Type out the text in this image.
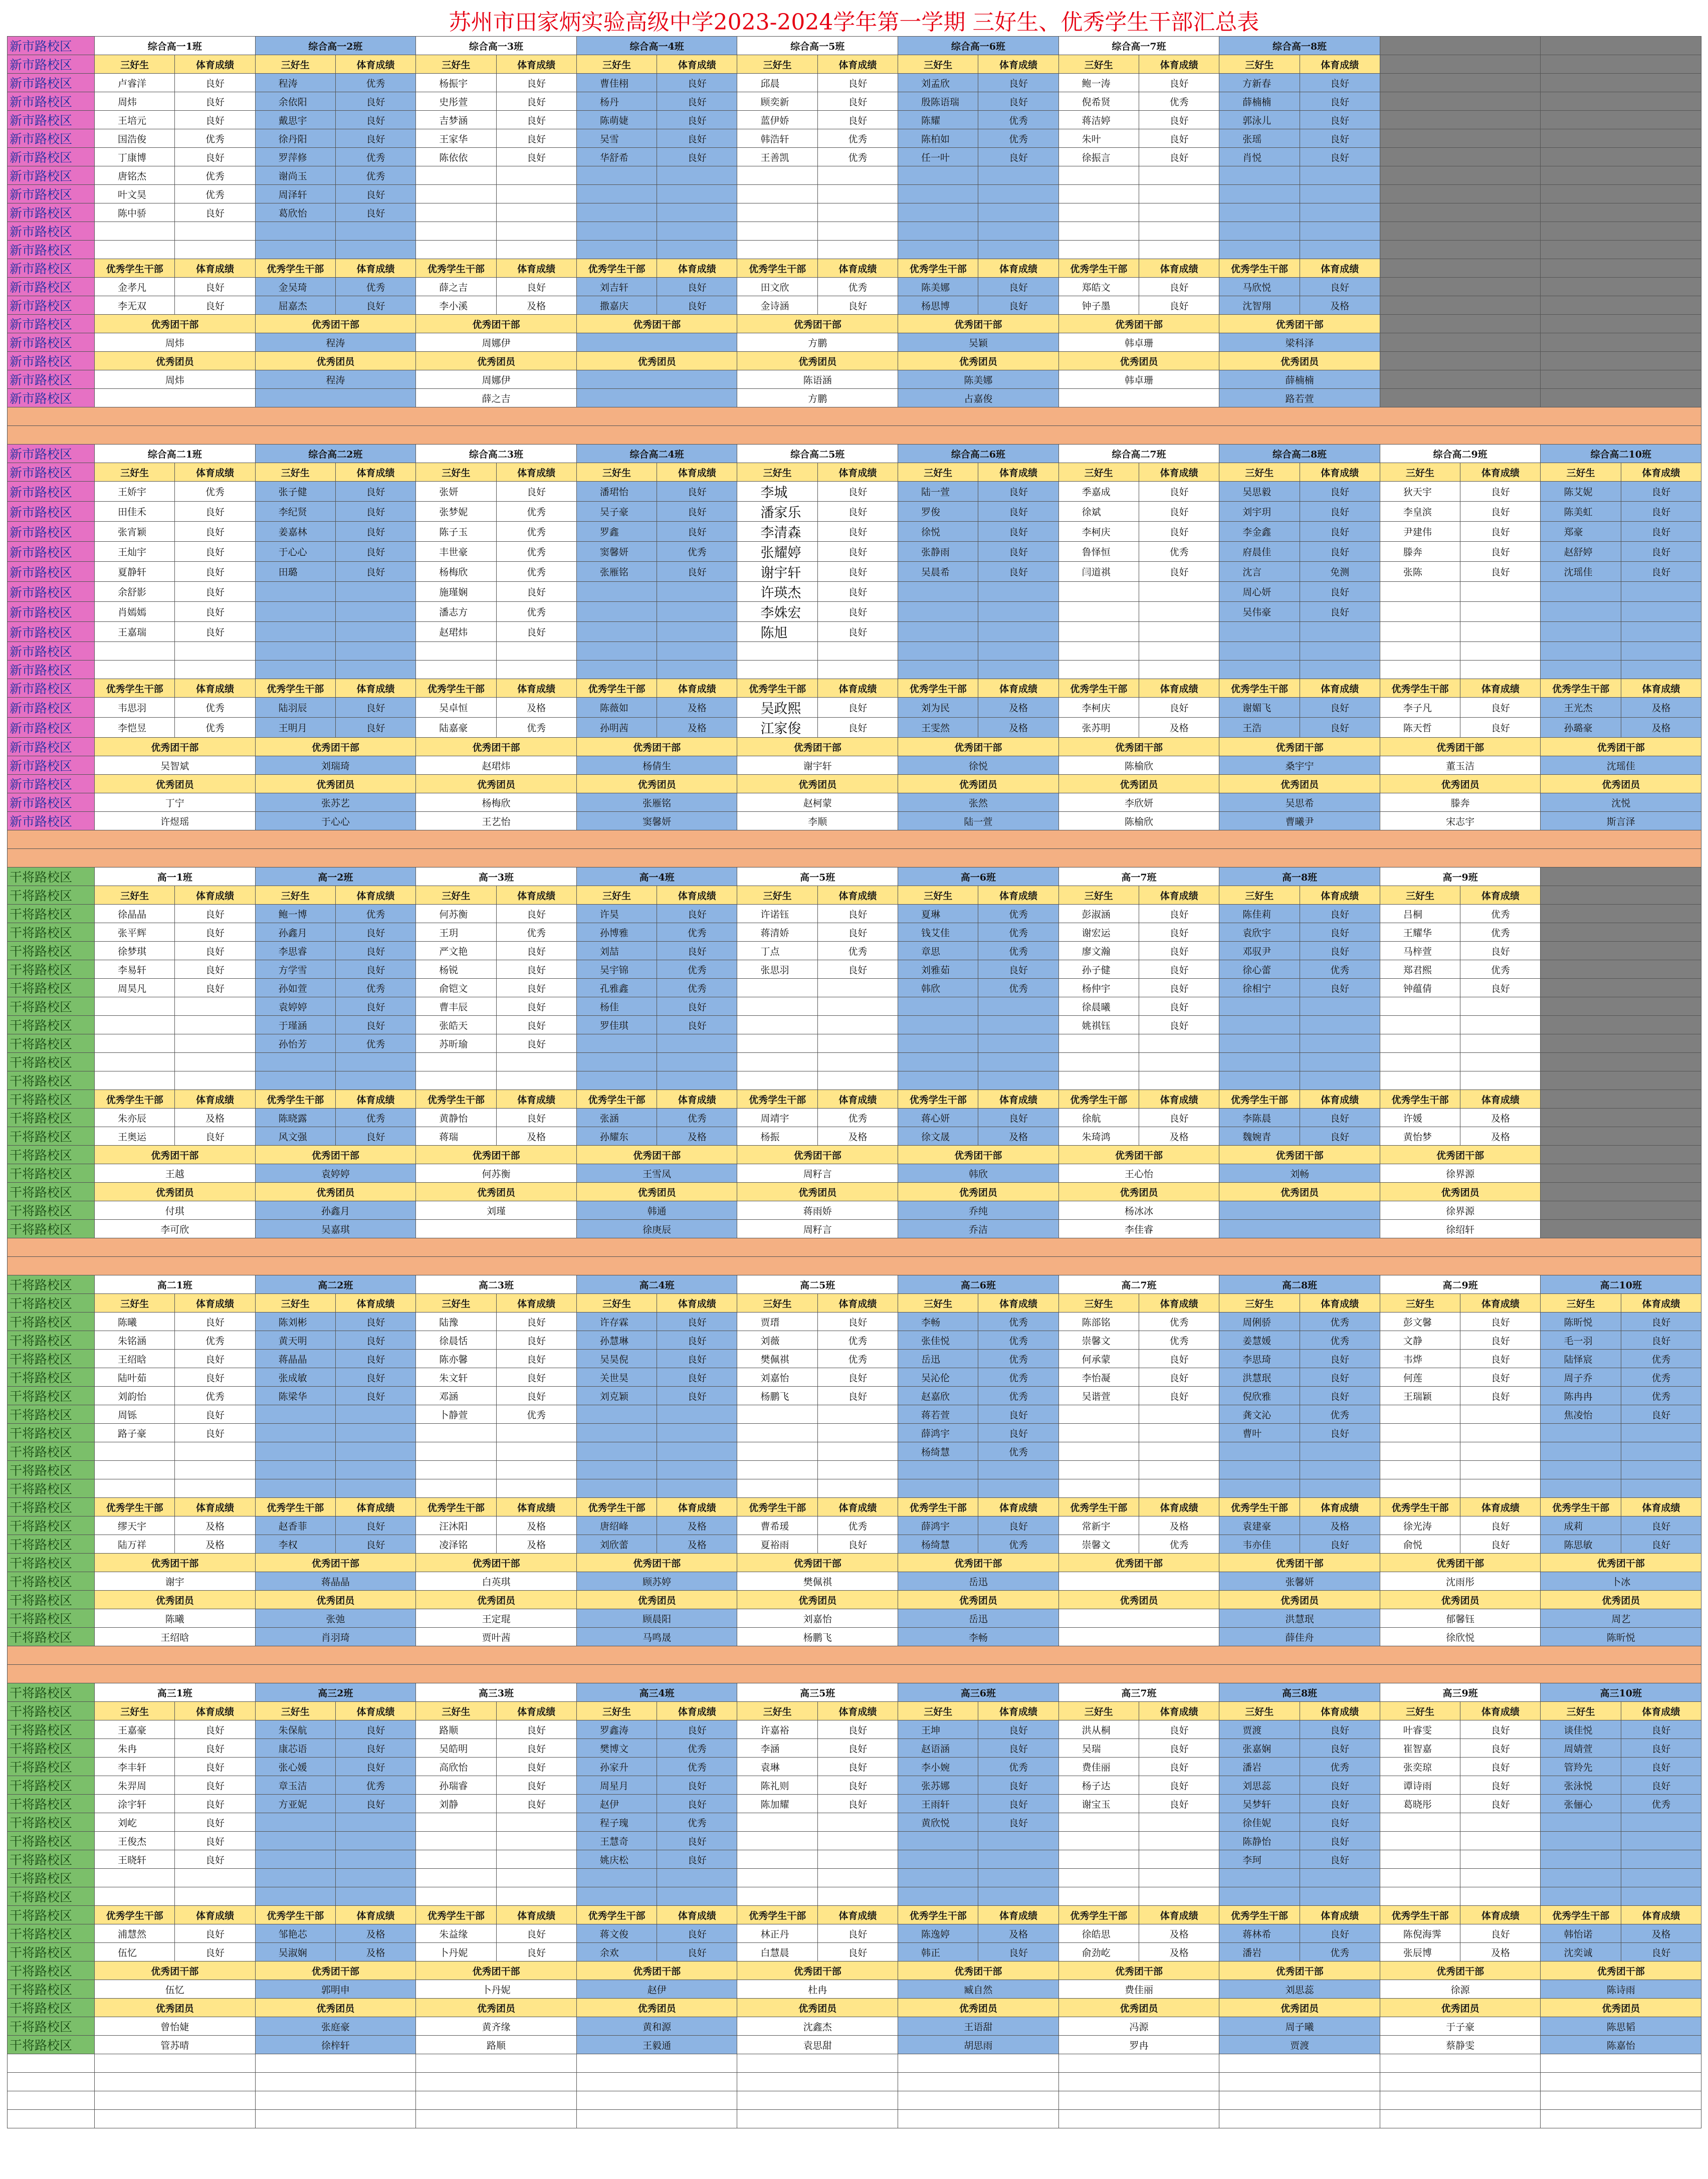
苏州市田家炳实验高级中学2023-2024学年第一学期 三好生、优秀学生干部汇总表
新市路校区	综合高一1班		综合高一2班		综合高一3班		综合高一4班		综合高一5班		综合高一6班		综合高一7班		综合高一8班					
新市路校区	三好生	体育成绩	三好生	体育成绩	三好生	体育成绩	三好生	体育成绩	三好生	体育成绩	三好生	体育成绩	三好生	体育成绩	三好生	体育成绩				
新市路校区	卢睿洋	良好	程涛	优秀	杨振宇	良好	曹佳栩	良好	邱晨	良好	刘孟欣	良好	鲍一涛	良好	方新春	良好				
新市路校区	周炜	良好	余依阳	良好	史彤萱	良好	杨丹	良好	顾奕新	良好	殷陈语瑞	良好	倪希贤	优秀	薛楠楠	良好				
新市路校区	王培元	良好	戴思宇	良好	吉梦涵	良好	陈萌婕	良好	蓝伊娇	良好	陈耀	优秀	蒋洁婷	良好	郭泳儿	良好				
新市路校区	国浩俊	优秀	徐丹阳	良好	王家华	良好	吴雪	良好	韩浩轩	优秀	陈柏如	优秀	朱叶	良好	张瑶	良好				
新市路校区	丁康博	良好	罗萍修	优秀	陈依依	良好	华舒希	良好	王善凯	优秀	任一叶	良好	徐振言	良好	肖悦	良好				
新市路校区	唐铭杰	优秀	谢尚玉	优秀																
新市路校区	叶文昊	优秀	周泽轩	良好																
新市路校区	陈中骄	良好	葛欣怡	良好																
新市路校区																				
新市路校区																				
新市路校区	优秀学生干部	体育成绩	优秀学生干部	体育成绩	优秀学生干部	体育成绩	优秀学生干部	体育成绩	优秀学生干部	体育成绩	优秀学生干部	体育成绩	优秀学生干部	体育成绩	优秀学生干部	体育成绩				
新市路校区	金孝凡	良好	金吴琦	优秀	薛之吉	良好	刘吉轩	良好	田文欣	优秀	陈美娜	良好	郑皓文	良好	马欣悦	良好				
新市路校区	李无双	良好	屈嘉杰	良好	李小溪	及格	撒嘉庆	良好	金诗涵	良好	杨思博	良好	钟子墨	良好	沈智翔	及格				
新市路校区	优秀团干部		优秀团干部		优秀团干部		优秀团干部		优秀团干部		优秀团干部		优秀团干部		优秀团干部					
新市路校区	周炜		程涛		周娜伊				方鹏		吴颖		韩卓珊		梁科泽					
新市路校区	优秀团员		优秀团员		优秀团员		优秀团员		优秀团员		优秀团员		优秀团员		优秀团员					
新市路校区	周炜		程涛		周娜伊				陈语涵		陈美娜		韩卓珊		薛楠楠					
新市路校区					薛之吉				方鹏		占嘉俊				路若萱					

新市路校区	综合高二1班		综合高二2班		综合高二3班		综合高二4班		综合高二5班		综合高二6班		综合高二7班		综合高二8班		综合高二9班		综合高二10班	
新市路校区	三好生	体育成绩	三好生	体育成绩	三好生	体育成绩	三好生	体育成绩	三好生	体育成绩	三好生	体育成绩	三好生	体育成绩	三好生	体育成绩	三好生	体育成绩	三好生	体育成绩
新市路校区	王娇宇	优秀	张子健	良好	张妍	良好	潘珺怡	良好	李城	良好	陆一萱	良好	季嘉成	良好	吴思毅	良好	狄天宇	良好	陈艾妮	良好
新市路校区	田佳禾	良好	李纪贤	良好	张梦妮	优秀	吴子豪	良好	潘家乐	良好	罗俊	良好	徐斌	良好	刘宇玥	良好	李皇滨	良好	陈美虹	良好
新市路校区	张宵颖	良好	姜嘉林	良好	陈子玉	优秀	罗鑫	良好	李清森	良好	徐悦	良好	李柯庆	良好	李金鑫	良好	尹建伟	良好	郑豪	良好
新市路校区	王灿宇	良好	于心心	良好	丰世豪	优秀	窦馨妍	优秀	张耀婷	良好	张静雨	良好	鲁怿恒	优秀	府晨佳	良好	滕奔	良好	赵舒婷	良好
新市路校区	夏静轩	良好	田璐	良好	杨梅欣	优秀	张雁铭	良好	谢宇轩	良好	吴晨希	良好	闫道祺	良好	沈言	免测	张陈	良好	沈瑶佳	良好
新市路校区	余舒影	良好			施瑾娴	良好			许瑛杰	良好					周心妍	良好				
新市路校区	肖嫣嫣	良好			潘志方	优秀			李姝宏	良好					吴伟豪	良好				
新市路校区	王嘉瑞	良好			赵珺炜	良好			陈旭	良好										
新市路校区																				
新市路校区																				
新市路校区	优秀学生干部	体育成绩	优秀学生干部	体育成绩	优秀学生干部	体育成绩	优秀学生干部	体育成绩	优秀学生干部	体育成绩	优秀学生干部	体育成绩	优秀学生干部	体育成绩	优秀学生干部	体育成绩	优秀学生干部	体育成绩	优秀学生干部	体育成绩
新市路校区	韦思羽	优秀	陆羽辰	良好	吴卓恒	及格	陈薇如	及格	吴政熙	良好	刘为民	及格	李柯庆	良好	谢媚飞	良好	李子凡	良好	王光杰	及格
新市路校区	李恺昱	优秀	王明月	良好	陆嘉豪	优秀	孙明茜	及格	江家俊	良好	王雯然	及格	张苏明	及格	王浩	良好	陈天哲	良好	孙璐豪	及格
新市路校区	优秀团干部		优秀团干部		优秀团干部		优秀团干部		优秀团干部		优秀团干部		优秀团干部		优秀团干部		优秀团干部		优秀团干部	
新市路校区	吴智斌		刘瑞琦		赵珺炜		杨倩生		谢宇轩		徐悦		陈榆欣		桑宇宁		董玉洁		沈瑶佳	
新市路校区	优秀团员		优秀团员		优秀团员		优秀团员		优秀团员		优秀团员		优秀团员		优秀团员		优秀团员		优秀团员	
新市路校区	丁宁		张苏艺		杨梅欣		张雁铭		赵柯蒙		张然		李欣妍		吴思希		滕奔		沈悦	
新市路校区	许煜瑶		于心心		王艺怡		窦馨妍		李顺		陆一萱		陈榆欣		曹曦尹		宋志宇		斯言泽	

干将路校区	高一1班		高一2班		高一3班		高一4班		高一5班		高一6班		高一7班		高一8班		高一9班			
干将路校区	三好生	体育成绩	三好生	体育成绩	三好生	体育成绩	三好生	体育成绩	三好生	体育成绩	三好生	体育成绩	三好生	体育成绩	三好生	体育成绩	三好生	体育成绩		
干将路校区	徐晶晶	良好	鲍一博	优秀	何苏衡	良好	许昊	良好	许诺钰	良好	夏琳	优秀	彭淑涵	良好	陈佳莉	良好	吕桐	优秀		
干将路校区	张平辉	良好	孙鑫月	良好	王玥	优秀	孙博雅	优秀	蒋清娇	良好	钱艾佳	优秀	谢宏运	良好	袁欣宇	良好	王耀华	优秀		
干将路校区	徐梦琪	良好	李思睿	良好	严文艳	良好	刘喆	良好	丁点	优秀	章思	优秀	廖文瀚	良好	邓驭尹	良好	马梓萱	良好		
干将路校区	李易轩	良好	方学雪	良好	杨锐	良好	吴宇锦	优秀	张思羽	良好	刘雅茹	良好	孙子健	良好	徐心蕾	优秀	郑君熙	优秀		
干将路校区	周昊凡	良好	孙如萱	优秀	俞铠文	良好	孔雅鑫	优秀			韩欣	优秀	杨仲宇	良好	徐相宁	良好	钟蕴倩	良好		
干将路校区			袁婷婷	良好	曹丰辰	良好	杨佳	良好					徐晨曦	良好						
干将路校区			于瑾涵	良好	张皓天	良好	罗佳琪	良好					姚祺钰	良好						
干将路校区			孙怡芳	优秀	苏昕瑜	良好														
干将路校区																				
干将路校区																				
干将路校区	优秀学生干部	体育成绩	优秀学生干部	体育成绩	优秀学生干部	体育成绩	优秀学生干部	体育成绩	优秀学生干部	体育成绩	优秀学生干部	体育成绩	优秀学生干部	体育成绩	优秀学生干部	体育成绩	优秀学生干部	体育成绩		
干将路校区	朱亦辰	及格	陈晓露	优秀	黄静怡	良好	张涵	优秀	周靖宇	优秀	蒋心妍	良好	徐航	良好	李陈晨	良好	许媛	及格		
干将路校区	王奥运	良好	风文强	良好	蒋瑞	及格	孙耀东	及格	杨振	及格	徐文晟	及格	朱琦鸿	及格	魏婉青	良好	黄怡梦	及格		
干将路校区	优秀团干部		优秀团干部		优秀团干部		优秀团干部		优秀团干部		优秀团干部		优秀团干部		优秀团干部		优秀团干部			
干将路校区	王越		袁婷婷		何苏衡		王雪凤		周籽言		韩欣		王心怡		刘畅		徐界源			
干将路校区	优秀团员		优秀团员		优秀团员		优秀团员		优秀团员		优秀团员		优秀团员		优秀团员		优秀团员			
干将路校区	付琪		孙鑫月		刘瑾		韩通		蒋雨娇		乔纯		杨冰冰				徐界源			
干将路校区	李可欣		吴嘉琪				徐庚辰		周籽言		乔洁		李佳睿				徐绍轩			

干将路校区	高二1班		高二2班		高二3班		高二4班		高二5班		高二6班		高二7班		高二8班		高二9班		高二10班	
干将路校区	三好生	体育成绩	三好生	体育成绩	三好生	体育成绩	三好生	体育成绩	三好生	体育成绩	三好生	体育成绩	三好生	体育成绩	三好生	体育成绩	三好生	体育成绩	三好生	体育成绩
干将路校区	陈曦	良好	陈刘彬	良好	陆豫	良好	许存霖	良好	贾瑨	良好	李畅	优秀	陈部铭	优秀	周俐骄	优秀	彭文馨	良好	陈昕悦	良好
干将路校区	朱铭涵	优秀	黄天明	良好	徐晨恬	良好	孙慧琳	良好	刘薇	优秀	张佳悦	优秀	崇馨文	优秀	姜慧媛	优秀	文静	良好	毛一羽	良好
干将路校区	王绍晗	良好	蒋晶晶	良好	陈亦馨	良好	吴昊倪	良好	樊佩祺	优秀	岳迅	优秀	何承蒙	良好	李思琦	良好	韦烨	良好	陆怿宸	优秀
干将路校区	陆叶茹	良好	张成敏	良好	朱文轩	良好	关世昊	良好	刘嘉怡	良好	吴沁伦	优秀	李怡凝	良好	洪慧珉	良好	何莲	良好	周子乔	优秀
干将路校区	刘韵怡	优秀	陈梁华	良好	邓涵	良好	刘克颖	良好	杨鹏飞	良好	赵嘉欣	优秀	吴谐萱	良好	倪欣雅	良好	王瑞颖	良好	陈冉冉	优秀
干将路校区	周铄	良好			卜静萱	优秀					蒋若萱	良好			龚文沁	优秀			焦凌怡	良好
干将路校区	路子豪	良好									薛鸿宇	良好			曹叶	良好				
干将路校区											杨绮慧	优秀								
干将路校区																				
干将路校区																				
干将路校区	优秀学生干部	体育成绩	优秀学生干部	体育成绩	优秀学生干部	体育成绩	优秀学生干部	体育成绩	优秀学生干部	体育成绩	优秀学生干部	体育成绩	优秀学生干部	体育成绩	优秀学生干部	体育成绩	优秀学生干部	体育成绩	优秀学生干部	体育成绩
干将路校区	缪天宇	及格	赵香菲	良好	汪沐阳	及格	唐绍峰	及格	曹希瑗	优秀	薛鸿宇	良好	常新宇	及格	袁建豪	及格	徐光涛	良好	成莉	良好
干将路校区	陆万祥	及格	李权	良好	凌泽铭	及格	刘欣蕾	及格	夏裕雨	良好	杨绮慧	优秀	崇馨文	优秀	韦亦佳	良好	俞悦	良好	陈思敏	良好
干将路校区	优秀团干部		优秀团干部		优秀团干部		优秀团干部		优秀团干部		优秀团干部		优秀团干部		优秀团干部		优秀团干部		优秀团干部	
干将路校区	谢宇		蒋晶晶		白英琪		顾苏婷		樊佩祺		岳迅				张馨妍		沈雨彤		卜冰	
干将路校区	优秀团员		优秀团员		优秀团员		优秀团员		优秀团员		优秀团员		优秀团员		优秀团员		优秀团员		优秀团员	
干将路校区	陈曦		张弛		王定琨		顾晨阳		刘嘉怡		岳迅				洪慧珉		郁馨钰		周艺	
干将路校区	王绍晗		肖羽琦		贾叶茜		马鸣晟		杨鹏飞		李畅				薛佳舟		徐欣悦		陈昕悦	

干将路校区	高三1班		高三2班		高三3班		高三4班		高三5班		高三6班		高三7班		高三8班		高三9班		高三10班	
干将路校区	三好生	体育成绩	三好生	体育成绩	三好生	体育成绩	三好生	体育成绩	三好生	体育成绩	三好生	体育成绩	三好生	体育成绩	三好生	体育成绩	三好生	体育成绩	三好生	体育成绩
干将路校区	王嘉豪	良好	朱保航	良好	路顺	良好	罗鑫涛	良好	许嘉裕	良好	王坤	良好	洪从桐	良好	贾渡	良好	叶睿雯	良好	谈佳悦	良好
干将路校区	朱冉	良好	康芯语	良好	吴皓明	良好	樊博文	优秀	李涵	良好	赵语涵	良好	吴瑞	良好	张嘉娴	良好	崔智嘉	良好	周婧萱	良好
干将路校区	李丰轩	良好	张心媛	良好	高欣怡	良好	孙家升	优秀	袁琳	良好	李小婉	优秀	费佳丽	良好	潘岩	优秀	张奕琼	良好	管羚先	良好
干将路校区	朱羿周	良好	章玉洁	优秀	孙瑞睿	良好	周星月	良好	陈礼则	良好	张苏娜	良好	杨子达	良好	刘思蕊	良好	谭诗雨	良好	张泳悦	良好
干将路校区	涂宇轩	良好	方亚妮	良好	刘静	良好	赵伊	良好	陈加耀	良好	王雨轩	良好	谢宝玉	良好	吴梦轩	良好	葛晓彤	良好	张俪心	优秀
干将路校区	刘屹	良好					程子瑰	优秀			黄欣悦	良好			徐佳妮	良好				
干将路校区	王俊杰	良好					王慧奇	良好							陈静怡	良好				
干将路校区	王晓轩	良好					姚庆松	良好							李珂	良好				
干将路校区																				
干将路校区																				
干将路校区	优秀学生干部	体育成绩	优秀学生干部	体育成绩	优秀学生干部	体育成绩	优秀学生干部	体育成绩	优秀学生干部	体育成绩	优秀学生干部	体育成绩	优秀学生干部	体育成绩	优秀学生干部	体育成绩	优秀学生干部	体育成绩	优秀学生干部	体育成绩
干将路校区	浦慧然	良好	邹艳芯	及格	朱益缘	良好	蒋文俊	良好	林正丹	良好	陈逸婷	及格	徐皓思	及格	蒋林希	良好	陈倪海霁	良好	韩怡诺	及格
干将路校区	伍忆	良好	吴淑娴	及格	卜丹妮	良好	余欢	良好	白慧晨	良好	韩正	良好	俞劲屹	及格	潘岩	优秀	张辰博	及格	沈奕诚	良好
干将路校区	优秀团干部		优秀团干部		优秀团干部		优秀团干部		优秀团干部		优秀团干部		优秀团干部		优秀团干部		优秀团干部		优秀团干部	
干将路校区	伍忆		郭明申		卜丹妮		赵伊		杜冉		臧自然		费佳丽		刘思蕊		徐源		陈诗雨	
干将路校区	优秀团员		优秀团员		优秀团员		优秀团员		优秀团员		优秀团员		优秀团员		优秀团员		优秀团员		优秀团员	
干将路校区	曾怡婕		张庭豪		黄齐缘		黄和源		沈鑫杰		王语甜		冯源		周子曦		于子豪		陈思韬	
干将路校区	管苏晴		徐梓轩		路顺		王毅通		袁思甜		胡思雨		罗冉		贾渡		蔡静雯		陈嘉怡	
